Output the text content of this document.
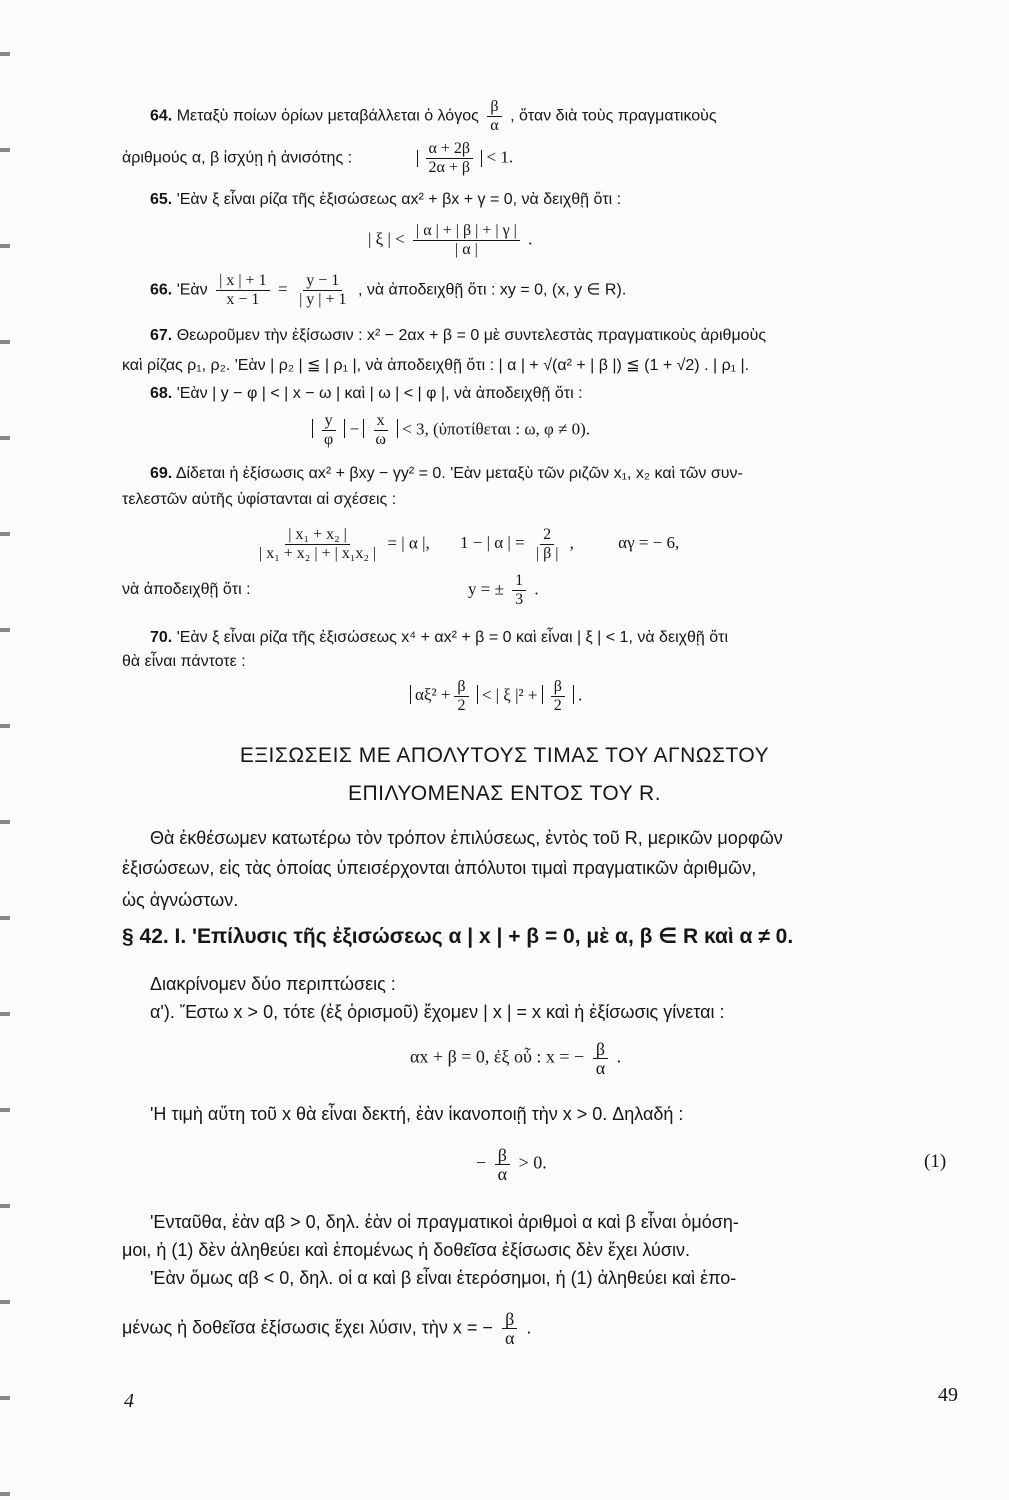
64. Μεταξὺ ποίων ὁρίων μεταβάλλεται ὁ λόγος $\frac{\beta}{\alpha}$ , ὅταν διὰ τοὺς πραγματικοὺς
ἀριθμούς α, β ἰσχύῃ ἡ ἀνισότης :	$\frac{\alpha + 2\beta}{2\alpha + \beta} < 1$.
65. 'Εὰν ξ εἶναι ρίζα τῆς ἐξισώσεως αx² + βx + γ = 0, νὰ δειχθῇ ὅτι :
| ξ | < $\frac{| \alpha | + | \beta | + | \gamma |}{| \alpha |}$ .
66. 'Εὰν $\frac{| x | + 1}{x - 1} = \frac{y - 1}{| y | + 1}$ , νὰ ἀποδειχθῇ ὅτι : xy = 0, (x, y ∈ R).
67. Θεωροῦμεν τὴν ἐξίσωσιν : x² − 2αx + β = 0 μὲ συντελεστὰς πραγματικοὺς ἀριθμοὺς
καὶ ρίζας ρ₁, ρ₂. 'Εὰν | ρ₂ | ≦ | ρ₁ |, νὰ ἀποδειχθῇ ὅτι : | α | + √(α² + | β |) ≦ (1 + √2) . | ρ₁ |.
68. 'Εὰν | y − φ | < | x − ω | καὶ | ω | < | φ |, νὰ ἀποδειχθῇ ὅτι :
$\frac{y}{\varphi} - \frac{x}{\omega} < 3$, (ὑποτίθεται : ω, φ ≠ 0).
69. Δίδεται ἡ ἐξίσωσις αx² + βxy − γy² = 0. 'Εὰν μεταξὺ τῶν ριζῶν x₁, x₂ καὶ τῶν συν-
τελεστῶν αὐτῆς ὑφίστανται αἱ σχέσεις :
$\frac{\text{| x₁ + x₂ |}}{\text{| x₁ + x₂ | + | x₁x₂ |}}$ = | α |, 1 − | α | = $\frac{2}{| \beta |}$ ,	αγ = − 6,
νὰ ἀποδειχθῇ ὅτι :	y = ± $\frac{1}{3}$ .
70. 'Εὰν ξ εἶναι ρίζα τῆς ἐξισώσεως x⁴ + αx² + β = 0 καὶ εἶναι | ξ | < 1, νὰ δειχθῇ ὅτι
θὰ εἶναι πάντοτε :
$\alpha\xi^2 + \frac{\beta}{2}$ < | ξ $|^2 + \frac{\beta}{2}$ .
ΕΞΙΣΩΣΕΙΣ ΜΕ ΑΠΟΛΥΤΟΥΣ ΤΙΜΑΣ ΤΟΥ ΑΓΝΩΣΤΟΥ
ΕΠΙΛΥΟΜΕΝΑΣ ΕΝΤΟΣ ΤΟΥ R.
Θὰ ἐκθέσωμεν κατωτέρω τὸν τρόπον ἐπιλύσεως, ἐντὸς τοῦ R, μερικῶν μορφῶν
ἐξισώσεων, εἰς τὰς ὁποίας ὑπεισέρχονται ἀπόλυτοι τιμαὶ πραγματικῶν ἀριθμῶν,
ὡς ἀγνώστων.
§ 42. Ι. 'Επίλυσις τῆς ἐξισώσεως α | x | + β = 0, μὲ α, β ∈ R καὶ α ≠ 0.
Διακρίνομεν δύο περιπτώσεις :
α'). Ἔστω x > 0, τότε (ἐξ ὁρισμοῦ) ἔχομεν | x | = x καὶ ἡ ἐξίσωσις γίνεται :
αx + β = 0, ἐξ οὗ : x = − $\frac{\beta}{\alpha}$ .
'Η τιμὴ αὕτη τοῦ x θὰ εἶναι δεκτή, ἐὰν ἱκανοποιῇ τὴν x > 0. Δηλαδή :
− $\frac{\beta}{\alpha} > 0$.	(1)
'Ενταῦθα, ἐὰν αβ > 0, δηλ. ἐὰν οἱ πραγματικοὶ ἀριθμοὶ α καὶ β εἶναι ὁμόση-
μοι, ἡ (1) δὲν ἀληθεύει καὶ ἑπομένως ἡ δοθεῖσα ἐξίσωσις δὲν ἔχει λύσιν.
'Εὰν ὅμως αβ < 0, δηλ. οἱ α καὶ β εἶναι ἑτερόσημοι, ἡ (1) ἀληθεύει καὶ ἑπο-
μένως ἡ δοθεῖσα ἐξίσωσις ἔχει λύσιν, τὴν x = − $\frac{\beta}{\alpha}$ .
4	49
